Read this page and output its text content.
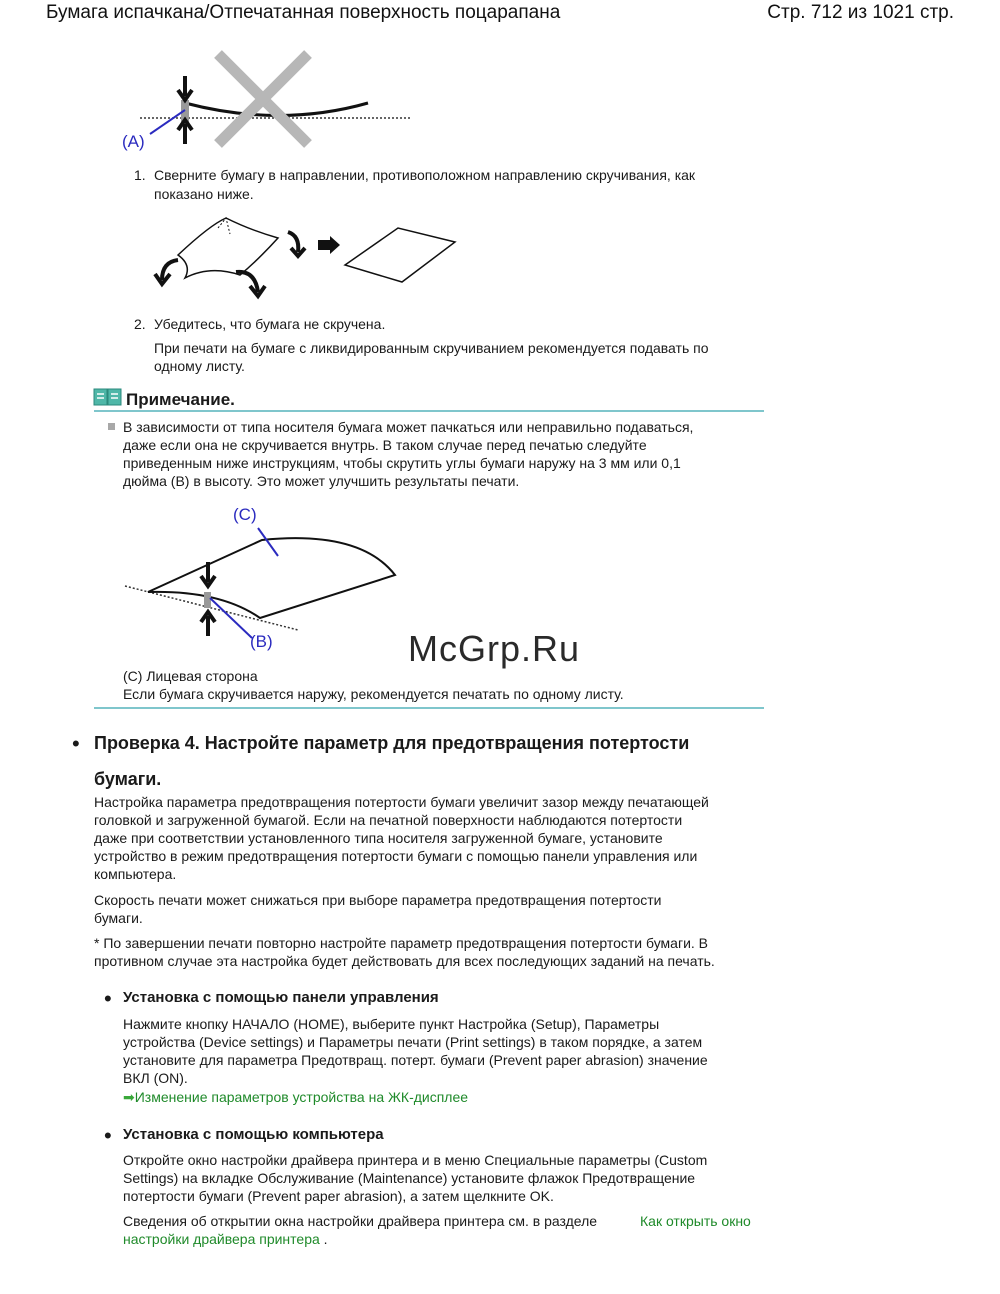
Бумага испачкана/Отпечатанная поверхность поцарапана	Стр. 712 из 1021 стр.
(A)
1. Сверните бумагу в направлении, противоположном направлению скручивания, как
показано ниже.
2. Убедитесь, что бумага не скручена.
При печати на бумаге с ликвидированным скручиванием рекомендуется подавать по
одному листу.
Примечание.
В зависимости от типа носителя бумага может пачкаться или неправильно подаваться,
даже если она не скручивается внутрь. В таком случае перед печатью следуйте
приведенным ниже инструкциям, чтобы скрутить углы бумаги наружу на 3 мм или 0,1
дюйма (B) в высоту. Это может улучшить результаты печати.
(C)
(B)	McGrp.Ru
(C) Лицевая сторона
Если бумага скручивается наружу, рекомендуется печатать по одному листу.
• Проверка 4. Настройте параметр для предотвращения потертости
бумаги.
Настройка параметра предотвращения потертости бумаги увеличит зазор между печатающей
головкой и загруженной бумагой. Если на печатной поверхности наблюдаются потертости
даже при соответствии установленного типа носителя загруженной бумаге, установите
устройство в режим предотвращения потертости бумаги с помощью панели управления или
компьютера.
Скорость печати может снижаться при выборе параметра предотвращения потертости
бумаги.
* По завершении печати повторно настройте параметр предотвращения потертости бумаги. В
противном случае эта настройка будет действовать для всех последующих заданий на печать.
• Установка с помощью панели управления
Нажмите кнопку НАЧАЛО (HOME), выберите пункт Настройка (Setup), Параметры
устройства (Device settings) и Параметры печати (Print settings) в таком порядке, а затем
установите для параметра Предотвращ. потерт. бумаги (Prevent paper abrasion) значение
ВКЛ (ON).
➡Изменение параметров устройства на ЖК-дисплее
• Установка с помощью компьютера
Откройте окно настройки драйвера принтера и в меню Специальные параметры (Custom
Settings) на вкладке Обслуживание (Maintenance) установите флажок Предотвращение
потертости бумаги (Prevent paper abrasion), а затем щелкните OK.
Сведения об открытии окна настройки драйвера принтера см. в разделе	Как открыть окно
настройки драйвера принтера .
